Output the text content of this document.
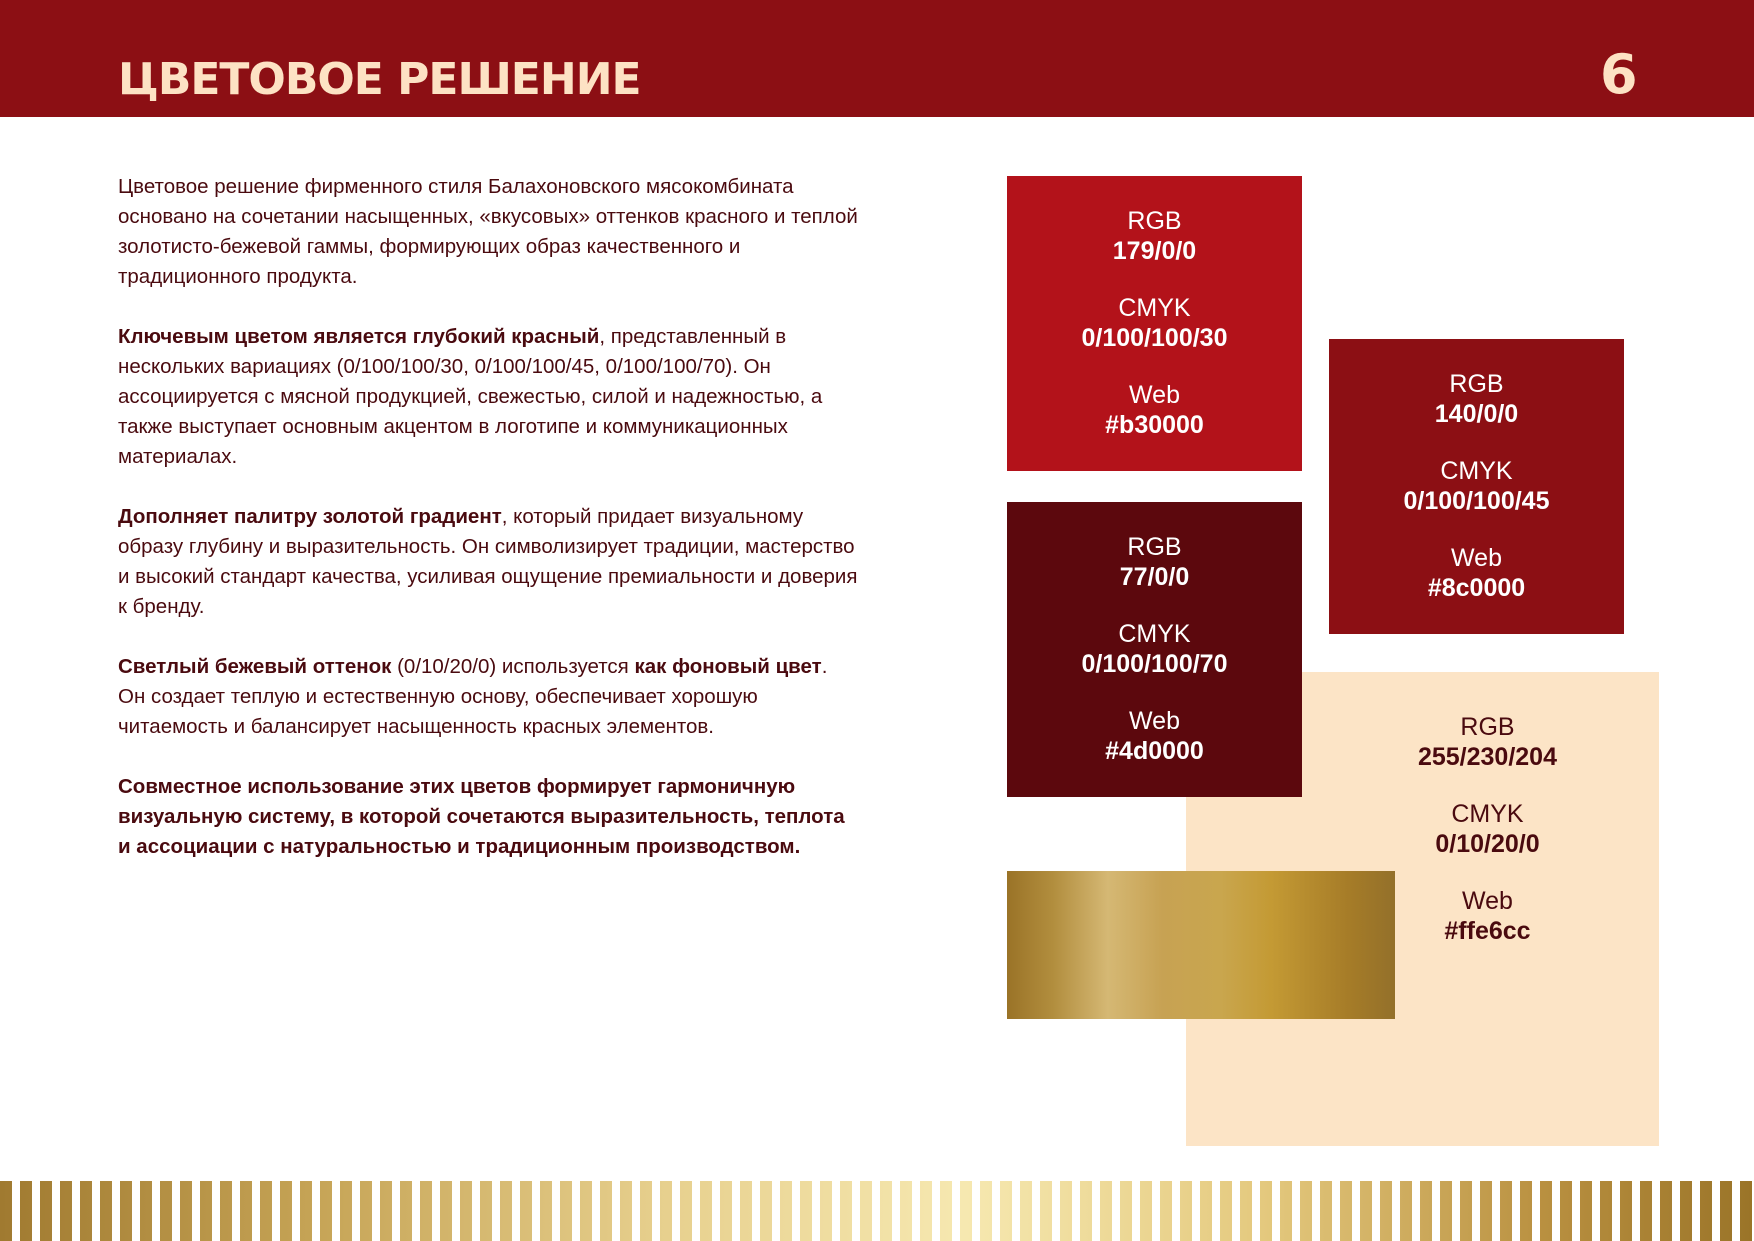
ЦВЕТОВОЕ РЕШЕНИЕ	6

Цветовое решение фирменного стиля Балахоновского мясокомбината основано на сочетании насыщенных, «вкусовых» оттенков красного и теплой золотисто-бежевой гаммы, формирующих образ качественного и традиционного продукта.

Ключевым цветом является глубокий красный, представленный в нескольких вариациях (0/100/100/30, 0/100/100/45, 0/100/100/70). Он ассоциируется с мясной продукцией, свежестью, силой и надежностью, а также выступает основным акцентом в логотипе и коммуникационных материалах.

Дополняет палитру золотой градиент, который придает визуальному образу глубину и выразительность. Он символизирует традиции, мастерство и высокий стандарт качества, усиливая ощущение премиальности и доверия к бренду.

Светлый бежевый оттенок (0/10/20/0) используется как фоновый цвет. Он создает теплую и естественную основу, обеспечивает хорошую читаемость и балансирует насыщенность красных элементов.

Совместное использование этих цветов формирует гармоничную визуальную систему, в которой сочетаются выразительность, теплота и ассоциации с натуральностью и традиционным производством.

RGB
179/0/0
CMYK
0/100/100/30
Web
#b30000
RGB
140/0/0
CMYK
0/100/100/45
Web
#8c0000
RGB
255/230/204
CMYK
0/10/20/0
Web
#ffe6cc
RGB
77/0/0
CMYK
0/100/100/70
Web
#4d0000
